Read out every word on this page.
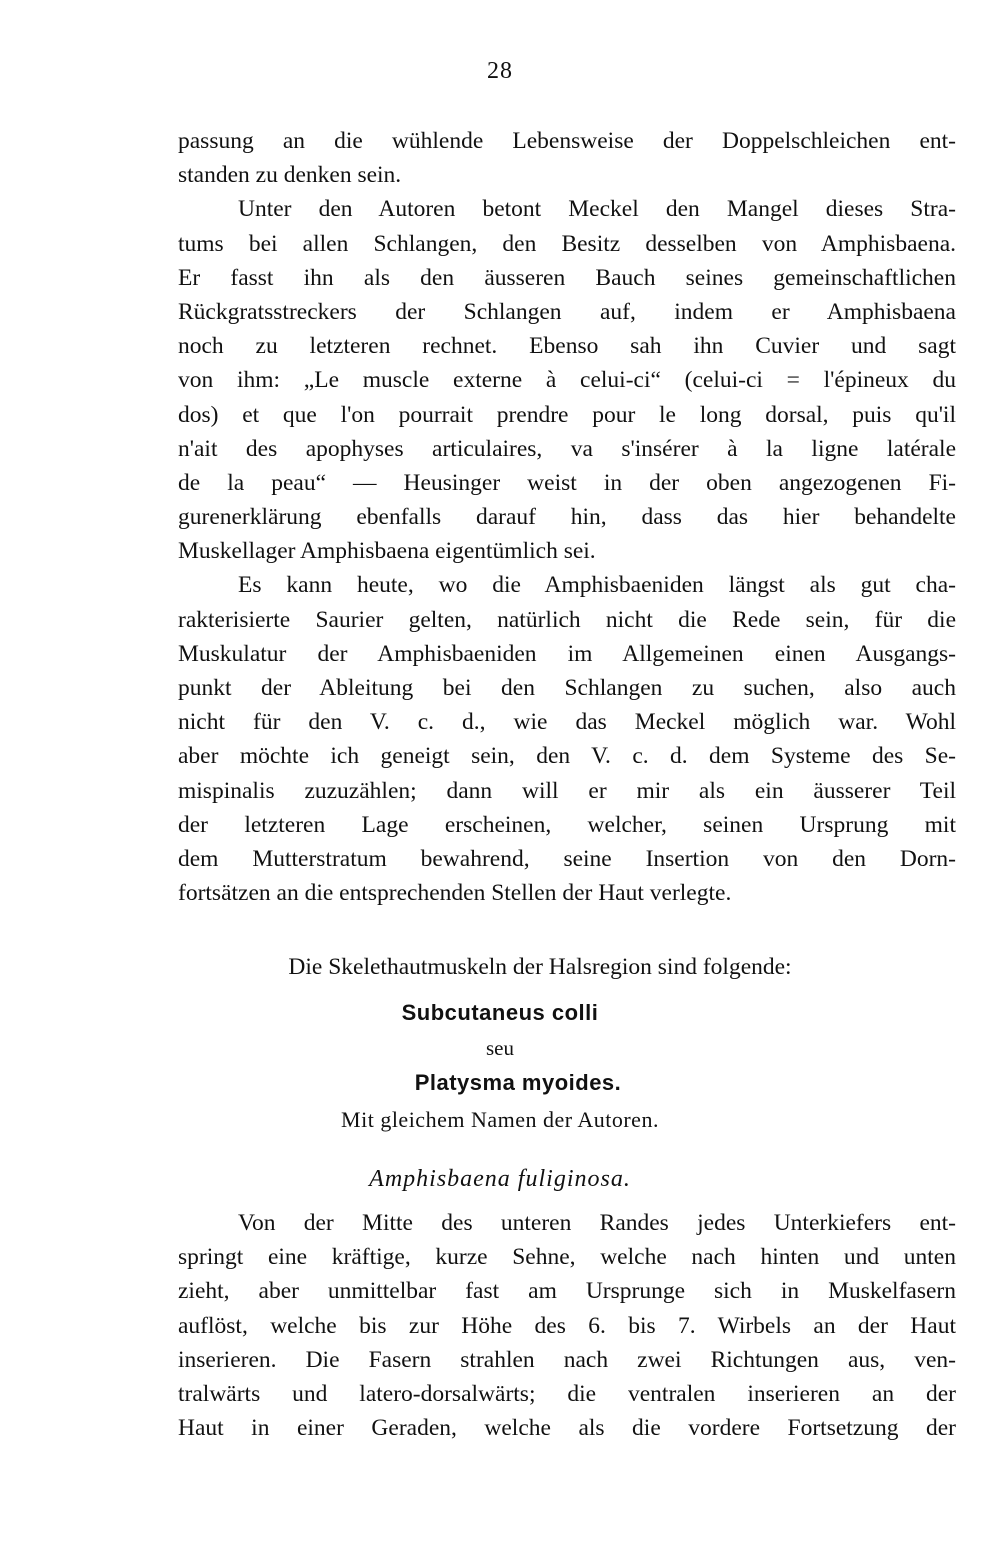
28
passung an die wühlende Lebensweise der Doppelschleichen ent-
standen zu denken sein.
Unter den Autoren betont Meckel den Mangel dieses Stra-
tums bei allen Schlangen, den Besitz desselben von Amphisbaena.
Er fasst ihn als den äusseren Bauch seines gemeinschaftlichen
Rückgratsstreckers der Schlangen auf, indem er Amphisbaena
noch zu letzteren rechnet. Ebenso sah ihn Cuvier und sagt
von ihm: „Le muscle externe à celui-ci“ (celui-ci = l'épineux du
dos) et que l'on pourrait prendre pour le long dorsal, puis qu'il
n'ait des apophyses articulaires, va s'insérer à la ligne latérale
de la peau“ — Heusinger weist in der oben angezogenen Fi-
gurenerklärung ebenfalls darauf hin, dass das hier behandelte
Muskellager Amphisbaena eigentümlich sei.
Es kann heute, wo die Amphisbaeniden längst als gut cha-
rakterisierte Saurier gelten, natürlich nicht die Rede sein, für die
Muskulatur der Amphisbaeniden im Allgemeinen einen Ausgangs-
punkt der Ableitung bei den Schlangen zu suchen, also auch
nicht für den V. c. d., wie das Meckel möglich war. Wohl
aber möchte ich geneigt sein, den V. c. d. dem Systeme des Se-
mispinalis zuzuzählen; dann will er mir als ein äusserer Teil
der letzteren Lage erscheinen, welcher, seinen Ursprung mit
dem Mutterstratum bewahrend, seine Insertion von den Dorn-
fortsätzen an die entsprechenden Stellen der Haut verlegte.
Die Skelethautmuskeln der Halsregion sind folgende:
Subcutaneus colli
seu
Platysma myoides.
Mit gleichem Namen der Autoren.
Amphisbaena fuliginosa.
Von der Mitte des unteren Randes jedes Unterkiefers ent-
springt eine kräftige, kurze Sehne, welche nach hinten und unten
zieht, aber unmittelbar fast am Ursprunge sich in Muskelfasern
auflöst, welche bis zur Höhe des 6. bis 7. Wirbels an der Haut
inserieren. Die Fasern strahlen nach zwei Richtungen aus, ven-
tralwärts und latero-dorsalwärts; die ventralen inserieren an der
Haut in einer Geraden, welche als die vordere Fortsetzung der
